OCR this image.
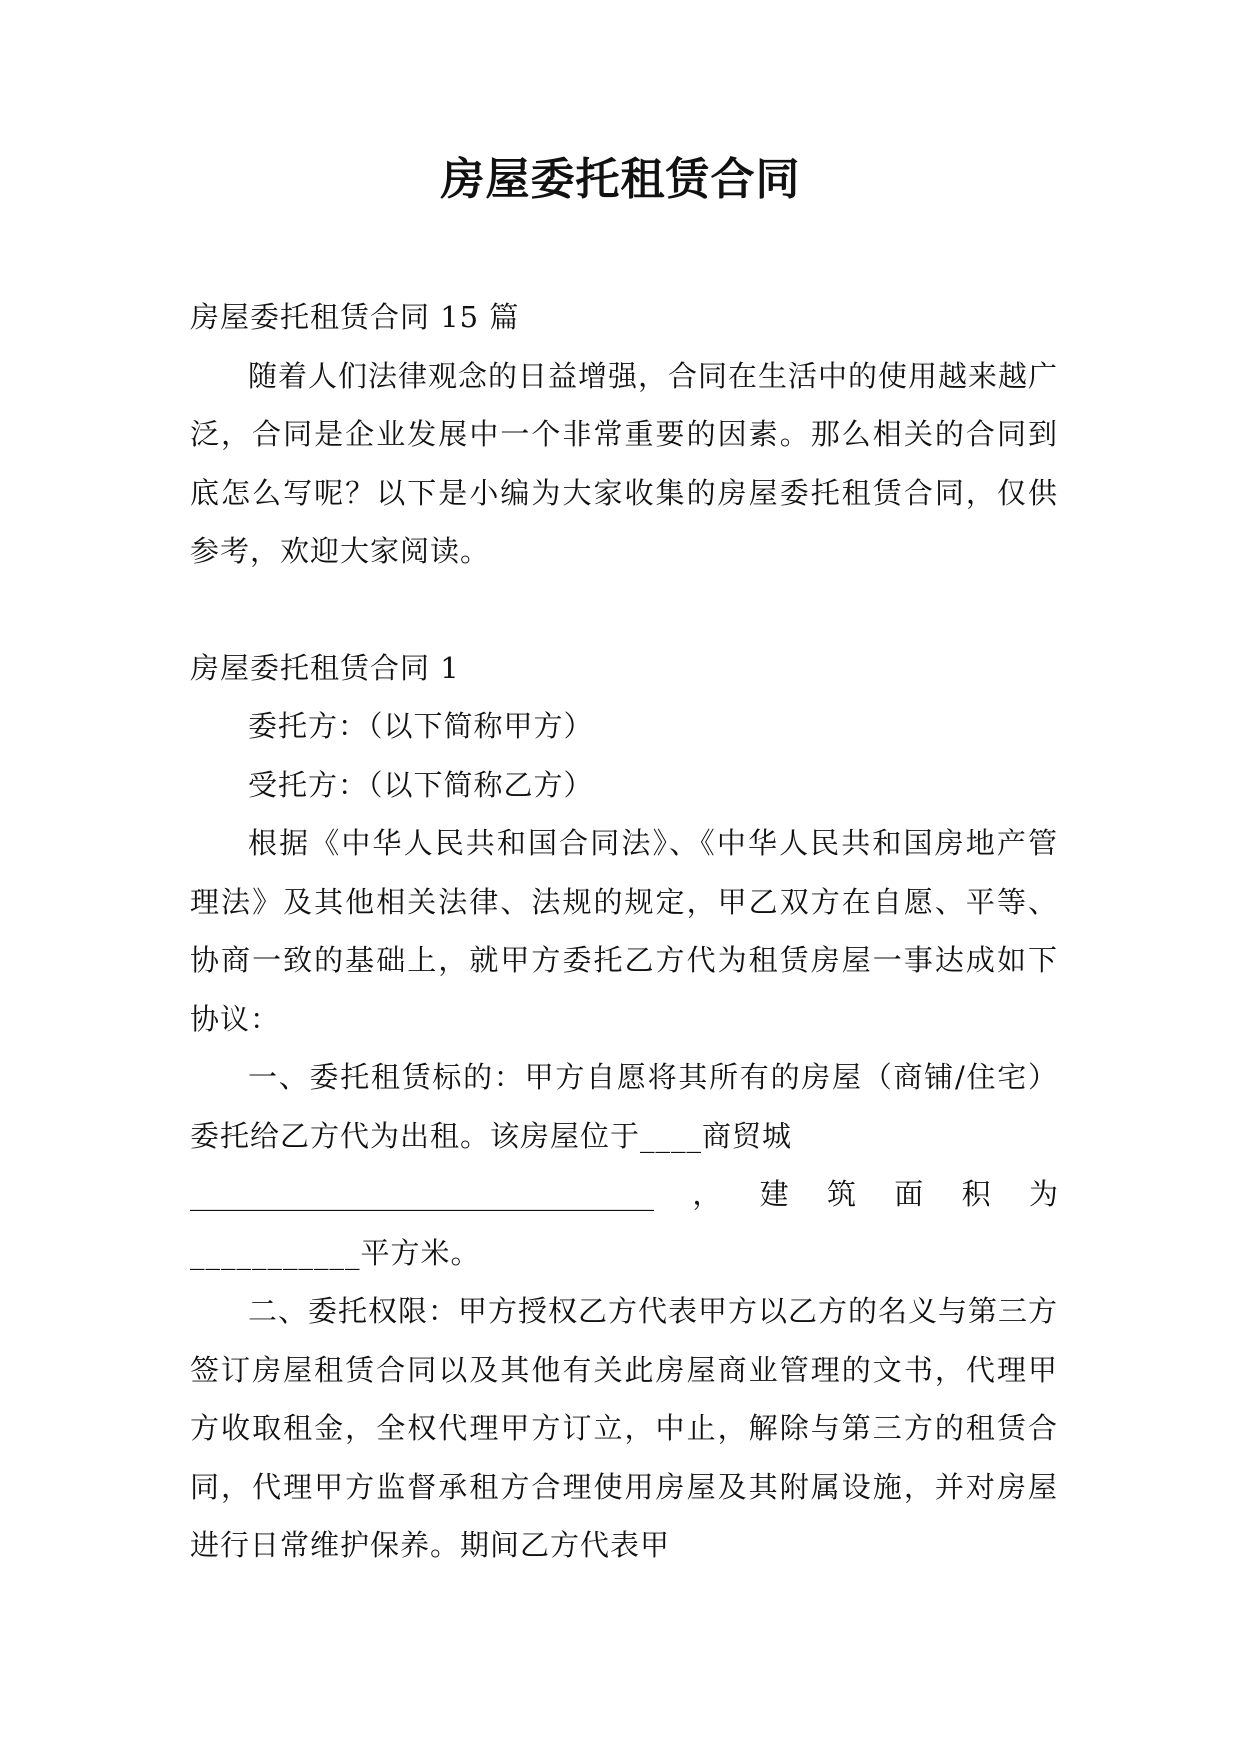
房屋委托租赁合同

房屋委托租赁合同 15 篇

随着人们法律观念的日益增强，合同在生活中的使用越来越广泛，合同是企业发展中一个非常重要的因素。那么相关的合同到底怎么写呢？以下是小编为大家收集的房屋委托租赁合同，仅供参考，欢迎大家阅读。

房屋委托租赁合同 1

委托方：（以下简称甲方）

受托方：（以下简称乙方）

根据《中华人民共和国合同法》、《中华人民共和国房地产管理法》及其他相关法律、法规的规定，甲乙双方在自愿、平等、协商一致的基础上，就甲方委托乙方代为租赁房屋一事达成如下协议：

一、委托租赁标的：甲方自愿将其所有的房屋（商铺/住宅）委托给乙方代为出租。该房屋位于____商贸城

________________________________ ， 建 筑 面 积 为

___________平方米。

二、委托权限：甲方授权乙方代表甲方以乙方的名义与第三方签订房屋租赁合同以及其他有关此房屋商业管理的文书，代理甲方收取租金，全权代理甲方订立，中止，解除与第三方的租赁合同，代理甲方监督承租方合理使用房屋及其附属设施，并对房屋进行日常维护保养。期间乙方代表甲
